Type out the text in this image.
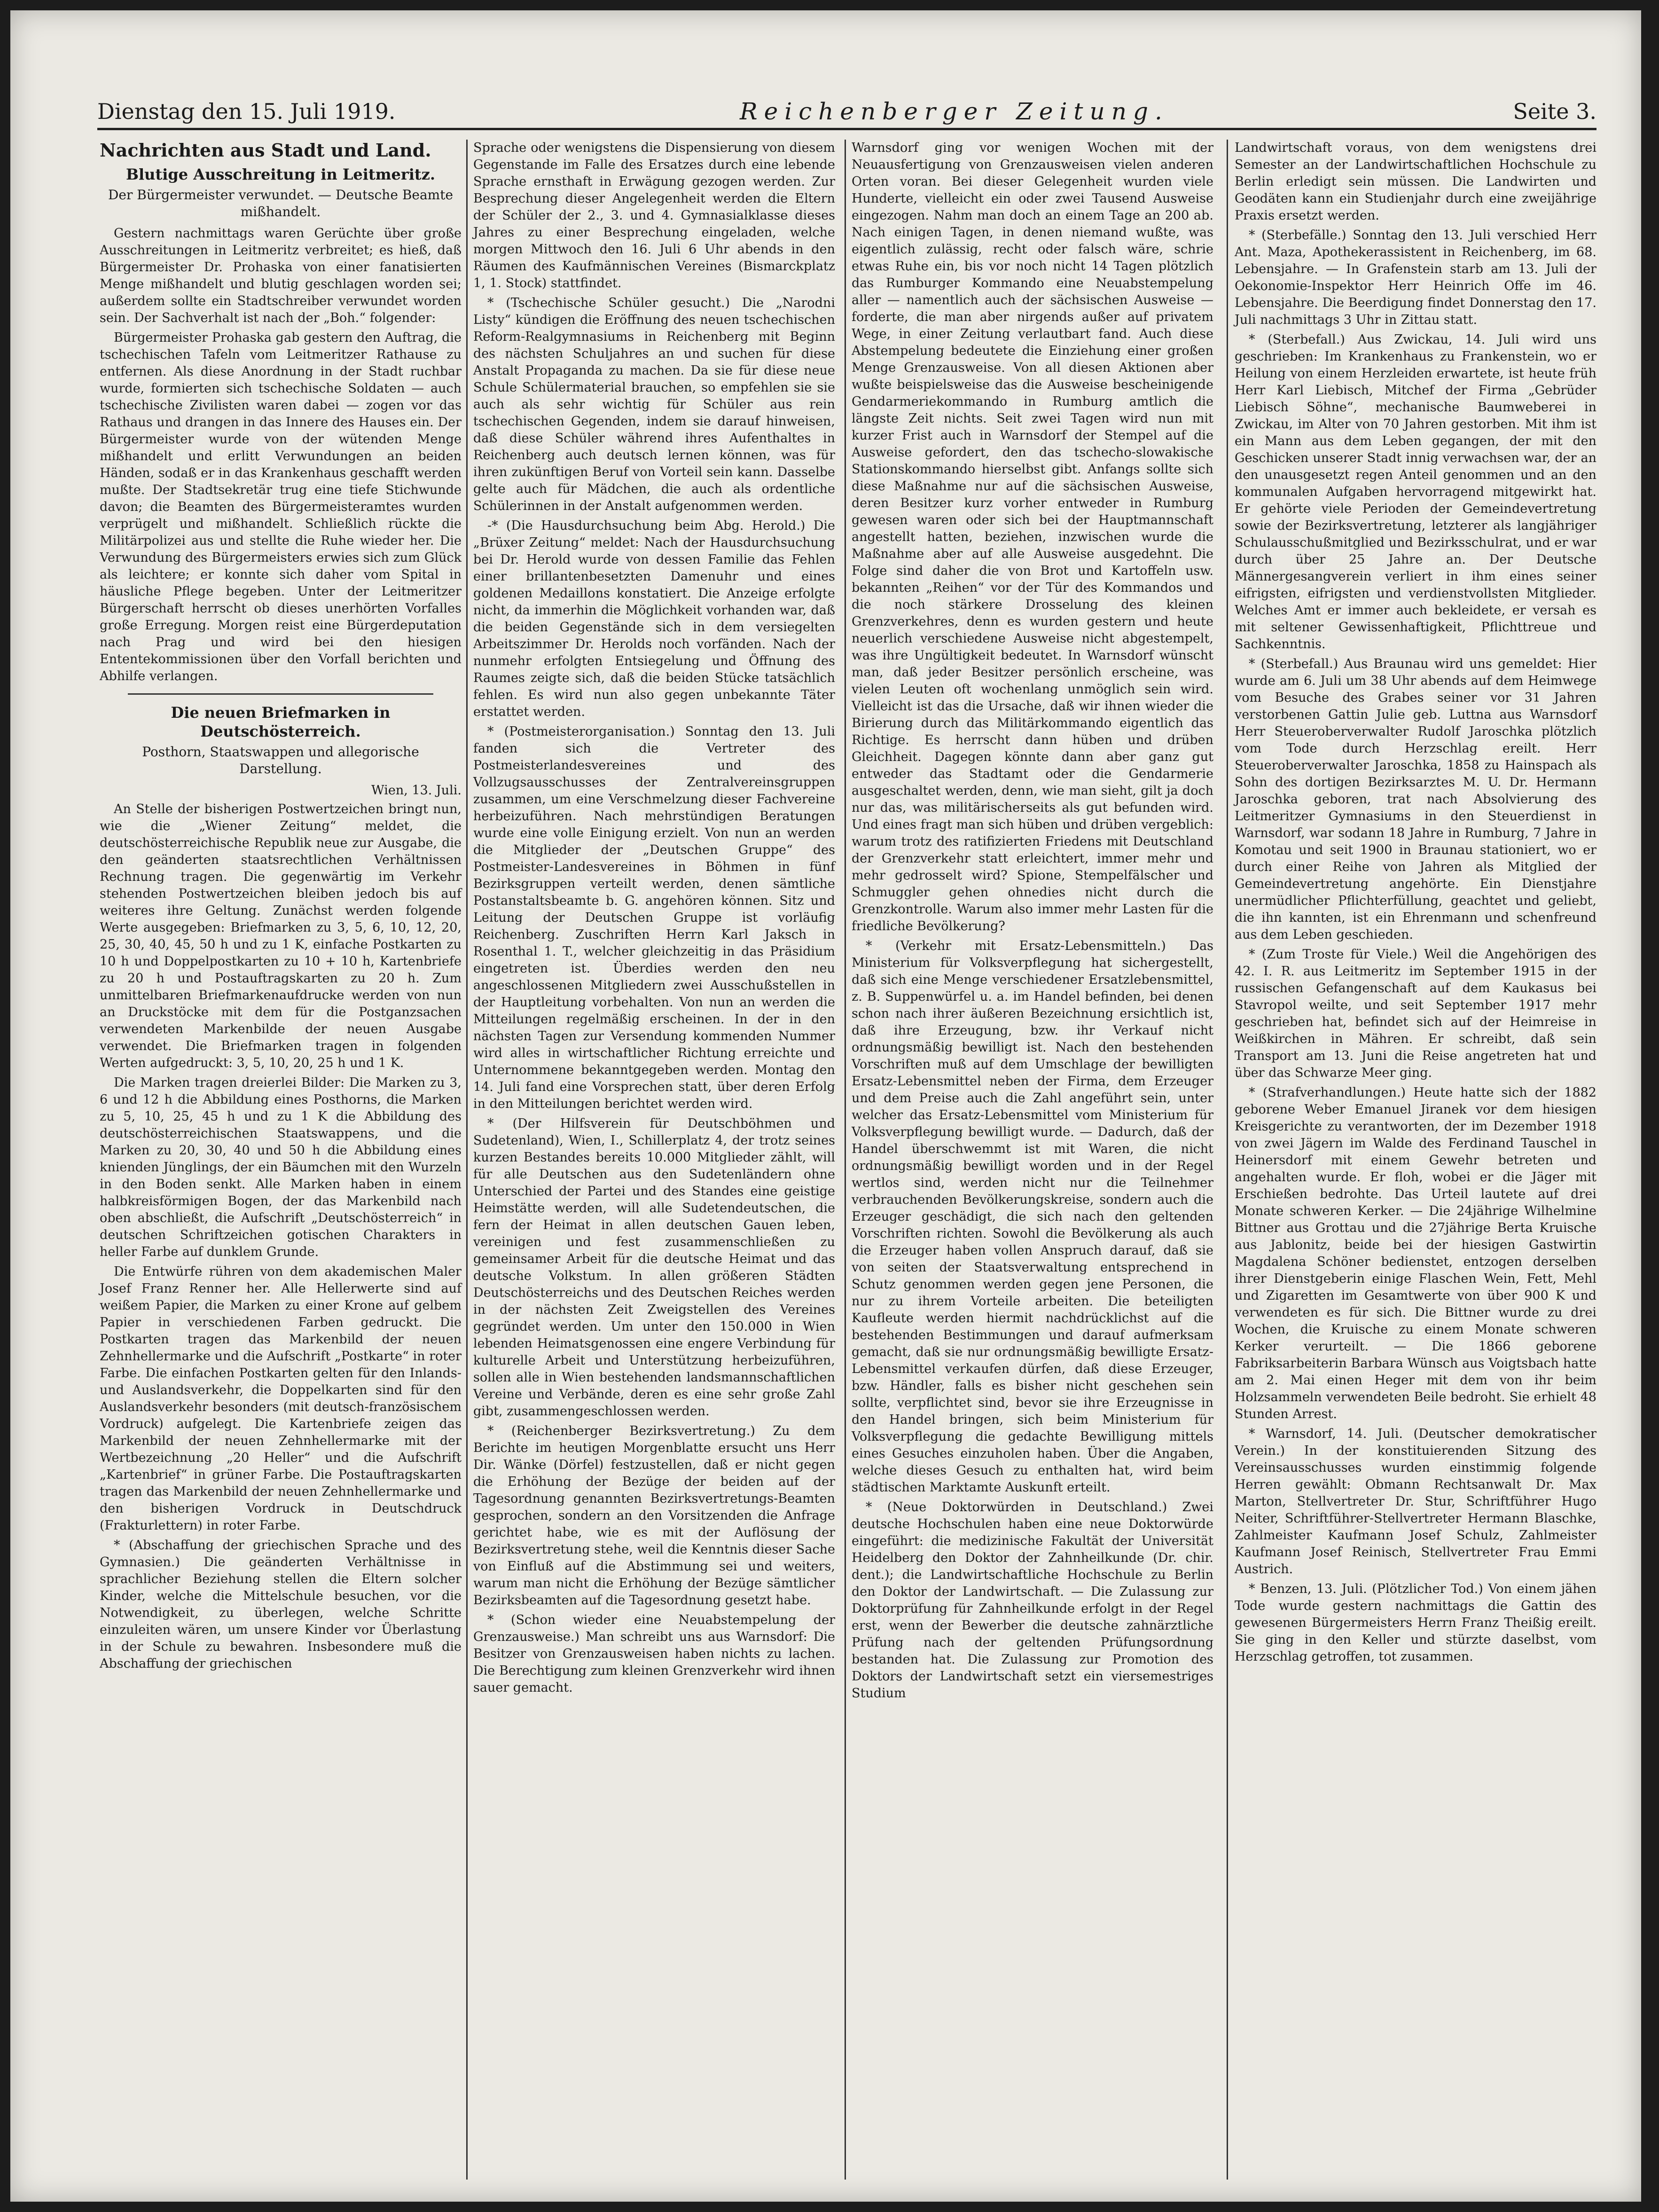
Dienstag den 15. Juli 1919.	Reichenberger Zeitung.	Seite 3.
Nachrichten aus Stadt und Land.
Blutige Ausschreitung in Leitmeritz.
Der Bürgermeister verwundet. — Deutsche Beamte mißhandelt.

Gestern nachmittags waren Gerüchte über große Ausschreitungen in Leitmeritz verbreitet; es hieß, daß Bürgermeister Dr. Prohaska von einer fanatisierten Menge mißhandelt und blutig geschlagen worden sei; außerdem sollte ein Stadtschreiber verwundet worden sein. Der Sachverhalt ist nach der „Boh.“ folgender:

Bürgermeister Prohaska gab gestern den Auftrag, die tschechischen Tafeln vom Leitmeritzer Rathause zu entfernen. Als diese Anordnung in der Stadt ruchbar wurde, formierten sich tschechische Soldaten — auch tschechische Zivilisten waren dabei — zogen vor das Rathaus und drangen in das Innere des Hauses ein. Der Bürgermeister wurde von der wütenden Menge mißhandelt und erlitt Verwundungen an beiden Händen, sodaß er in das Krankenhaus geschafft werden mußte. Der Stadtsekretär trug eine tiefe Stichwunde davon; die Beamten des Bürgermeisteramtes wurden verprügelt und mißhandelt. Schließlich rückte die Militärpolizei aus und stellte die Ruhe wieder her. Die Verwundung des Bürgermeisters erwies sich zum Glück als leichtere; er konnte sich daher vom Spital in häusliche Pflege begeben. Unter der Leitmeritzer Bürgerschaft herrscht ob dieses unerhörten Vorfalles große Erregung. Morgen reist eine Bürgerdeputation nach Prag und wird bei den hiesigen Ententekommissionen über den Vorfall berichten und Abhilfe verlangen.

Die neuen Briefmarken in Deutschösterreich.
Posthorn, Staatswappen und allegorische Darstellung.
Wien, 13. Juli.

An Stelle der bisherigen Postwertzeichen bringt nun, wie die „Wiener Zeitung“ meldet, die deutschösterreichische Republik neue zur Ausgabe, die den geänderten staatsrechtlichen Verhältnissen Rechnung tragen. Die gegenwärtig im Verkehr stehenden Postwertzeichen bleiben jedoch bis auf weiteres ihre Geltung. Zunächst werden folgende Werte ausgegeben: Briefmarken zu 3, 5, 6, 10, 12, 20, 25, 30, 40, 45, 50 h und zu 1 K, einfache Postkarten zu 10 h und Doppelpostkarten zu 10 + 10 h, Kartenbriefe zu 20 h und Postauftragskarten zu 20 h. Zum unmittelbaren Briefmarkenaufdrucke werden von nun an Druckstöcke mit dem für die Postganzsachen verwendeten Markenbilde der neuen Ausgabe verwendet. Die Briefmarken tragen in folgenden Werten aufgedruckt: 3, 5, 10, 20, 25 h und 1 K.

Die Marken tragen dreierlei Bilder: Die Marken zu 3, 6 und 12 h die Abbildung eines Posthorns, die Marken zu 5, 10, 25, 45 h und zu 1 K die Abbildung des deutschösterreichischen Staatswappens, und die Marken zu 20, 30, 40 und 50 h die Abbildung eines knienden Jünglings, der ein Bäumchen mit den Wurzeln in den Boden senkt. Alle Marken haben in einem halbkreisförmigen Bogen, der das Markenbild nach oben abschließt, die Aufschrift „Deutschösterreich“ in deutschen Schriftzeichen gotischen Charakters in heller Farbe auf dunklem Grunde.

Die Entwürfe rühren von dem akademischen Maler Josef Franz Renner her. Alle Hellerwerte sind auf weißem Papier, die Marken zu einer Krone auf gelbem Papier in verschiedenen Farben gedruckt. Die Postkarten tragen das Markenbild der neuen Zehnhellermarke und die Aufschrift „Postkarte“ in roter Farbe. Die einfachen Postkarten gelten für den Inlands- und Auslandsverkehr, die Doppelkarten sind für den Auslandsverkehr besonders (mit deutsch-französischem Vordruck) aufgelegt. Die Kartenbriefe zeigen das Markenbild der neuen Zehnhellermarke mit der Wertbezeichnung „20 Heller“ und die Aufschrift „Kartenbrief“ in grüner Farbe. Die Postauftragskarten tragen das Markenbild der neuen Zehnhellermarke und den bisherigen Vordruck in Deutschdruck (Frakturlettern) in roter Farbe.

* (Abschaffung der griechischen Sprache und des Gymnasien.) Die geänderten Verhältnisse in sprachlicher Beziehung stellen die Eltern solcher Kinder, welche die Mittelschule besuchen, vor die Notwendigkeit, zu überlegen, welche Schritte einzuleiten wären, um unsere Kinder vor Überlastung in der Schule zu bewahren. Insbesondere muß die Abschaffung der griechischen

Sprache oder wenigstens die Dispensierung von diesem Gegenstande im Falle des Ersatzes durch eine lebende Sprache ernsthaft in Erwägung gezogen werden. Zur Besprechung dieser Angelegenheit werden die Eltern der Schüler der 2., 3. und 4. Gymnasialklasse dieses Jahres zu einer Besprechung eingeladen, welche morgen Mittwoch den 16. Juli 6 Uhr abends in den Räumen des Kaufmännischen Vereines (Bismarckplatz 1, 1. Stock) stattfindet.

* (Tschechische Schüler gesucht.) Die „Narodni Listy“ kündigen die Eröffnung des neuen tschechischen Reform-Realgymnasiums in Reichenberg mit Beginn des nächsten Schuljahres an und suchen für diese Anstalt Propaganda zu machen. Da sie für diese neue Schule Schülermaterial brauchen, so empfehlen sie sie auch als sehr wichtig für Schüler aus rein tschechischen Gegenden, indem sie darauf hinweisen, daß diese Schüler während ihres Aufenthaltes in Reichenberg auch deutsch lernen können, was für ihren zukünftigen Beruf von Vorteil sein kann. Dasselbe gelte auch für Mädchen, die auch als ordentliche Schülerinnen in der Anstalt aufgenommen werden.

-* (Die Hausdurchsuchung beim Abg. Herold.) Die „Brüxer Zeitung“ meldet: Nach der Hausdurchsuchung bei Dr. Herold wurde von dessen Familie das Fehlen einer brillantenbesetzten Damenuhr und eines goldenen Medaillons konstatiert. Die Anzeige erfolgte nicht, da immerhin die Möglichkeit vorhanden war, daß die beiden Gegenstände sich in dem versiegelten Arbeitszimmer Dr. Herolds noch vorfänden. Nach der nunmehr erfolgten Entsiegelung und Öffnung des Raumes zeigte sich, daß die beiden Stücke tatsächlich fehlen. Es wird nun also gegen unbekannte Täter erstattet werden.

* (Postmeisterorganisation.) Sonntag den 13. Juli fanden sich die Vertreter des Postmeisterlandesvereines und des Vollzugsausschusses der Zentralvereinsgruppen zusammen, um eine Verschmelzung dieser Fachvereine herbeizuführen. Nach mehrstündigen Beratungen wurde eine volle Einigung erzielt. Von nun an werden die Mitglieder der „Deutschen Gruppe“ des Postmeister-Landesvereines in Böhmen in fünf Bezirksgruppen verteilt werden, denen sämtliche Postanstaltsbeamte b. G. angehören können. Sitz und Leitung der Deutschen Gruppe ist vorläufig Reichenberg. Zuschriften Herrn Karl Jaksch in Rosenthal 1. T., welcher gleichzeitig in das Präsidium eingetreten ist. Überdies werden den neu angeschlossenen Mitgliedern zwei Ausschußstellen in der Hauptleitung vorbehalten. Von nun an werden die Mitteilungen regelmäßig erscheinen. In der in den nächsten Tagen zur Versendung kommenden Nummer wird alles in wirtschaftlicher Richtung erreichte und Unternommene bekanntgegeben werden. Montag den 14. Juli fand eine Vorsprechen statt, über deren Erfolg in den Mitteilungen berichtet werden wird.

* (Der Hilfsverein für Deutschböhmen und Sudetenland), Wien, I., Schillerplatz 4, der trotz seines kurzen Bestandes bereits 10.000 Mitglieder zählt, will für alle Deutschen aus den Sudetenländern ohne Unterschied der Partei und des Standes eine geistige Heimstätte werden, will alle Sudetendeutschen, die fern der Heimat in allen deutschen Gauen leben, vereinigen und fest zusammenschließen zu gemeinsamer Arbeit für die deutsche Heimat und das deutsche Volkstum. In allen größeren Städten Deutschösterreichs und des Deutschen Reiches werden in der nächsten Zeit Zweigstellen des Vereines gegründet werden. Um unter den 150.000 in Wien lebenden Heimatsgenossen eine engere Verbindung für kulturelle Arbeit und Unterstützung herbeizuführen, sollen alle in Wien bestehenden landsmannschaftlichen Vereine und Verbände, deren es eine sehr große Zahl gibt, zusammengeschlossen werden.

* (Reichenberger Bezirksvertretung.) Zu dem Berichte im heutigen Morgenblatte ersucht uns Herr Dir. Wänke (Dörfel) festzustellen, daß er nicht gegen die Erhöhung der Bezüge der beiden auf der Tagesordnung genannten Bezirksvertretungs-Beamten gesprochen, sondern an den Vorsitzenden die Anfrage gerichtet habe, wie es mit der Auflösung der Bezirksvertretung stehe, weil die Kenntnis dieser Sache von Einfluß auf die Abstimmung sei und weiters, warum man nicht die Erhöhung der Bezüge sämtlicher Bezirksbeamten auf die Tagesordnung gesetzt habe.

* (Schon wieder eine Neuabstempelung der Grenzausweise.) Man schreibt uns aus Warnsdorf: Die Besitzer von Grenzausweisen haben nichts zu lachen. Die Berechtigung zum kleinen Grenzverkehr wird ihnen sauer gemacht.

Warnsdorf ging vor wenigen Wochen mit der Neuausfertigung von Grenzausweisen vielen anderen Orten voran. Bei dieser Gelegenheit wurden viele Hunderte, vielleicht ein oder zwei Tausend Ausweise eingezogen. Nahm man doch an einem Tage an 200 ab. Nach einigen Tagen, in denen niemand wußte, was eigentlich zulässig, recht oder falsch wäre, schrie etwas Ruhe ein, bis vor noch nicht 14 Tagen plötzlich das Rumburger Kommando eine Neuabstempelung aller — namentlich auch der sächsischen Ausweise — forderte, die man aber nirgends außer auf privatem Wege, in einer Zeitung verlautbart fand. Auch diese Abstempelung bedeutete die Einziehung einer großen Menge Grenzausweise. Von all diesen Aktionen aber wußte beispielsweise das die Ausweise bescheinigende Gendarmeriekommando in Rumburg amtlich die längste Zeit nichts. Seit zwei Tagen wird nun mit kurzer Frist auch in Warnsdorf der Stempel auf die Ausweise gefordert, den das tschecho-slowakische Stationskommando hierselbst gibt. Anfangs sollte sich diese Maßnahme nur auf die sächsischen Ausweise, deren Besitzer kurz vorher entweder in Rumburg gewesen waren oder sich bei der Hauptmannschaft angestellt hatten, beziehen, inzwischen wurde die Maßnahme aber auf alle Ausweise ausgedehnt. Die Folge sind daher die von Brot und Kartoffeln usw. bekannten „Reihen“ vor der Tür des Kommandos und die noch stärkere Drosselung des kleinen Grenzverkehres, denn es wurden gestern und heute neuerlich verschiedene Ausweise nicht abgestempelt, was ihre Ungültigkeit bedeutet. In Warnsdorf wünscht man, daß jeder Besitzer persönlich erscheine, was vielen Leuten oft wochenlang unmöglich sein wird. Vielleicht ist das die Ursache, daß wir ihnen wieder die Birierung durch das Militärkommando eigentlich das Richtige. Es herrscht dann hüben und drüben Gleichheit. Dagegen könnte dann aber ganz gut entweder das Stadtamt oder die Gendarmerie ausgeschaltet werden, denn, wie man sieht, gilt ja doch nur das, was militärischerseits als gut befunden wird. Und eines fragt man sich hüben und drüben vergeblich: warum trotz des ratifizierten Friedens mit Deutschland der Grenzverkehr statt erleichtert, immer mehr und mehr gedrosselt wird? Spione, Stempelfälscher und Schmuggler gehen ohnedies nicht durch die Grenzkontrolle. Warum also immer mehr Lasten für die friedliche Bevölkerung?

* (Verkehr mit Ersatz-Lebensmitteln.) Das Ministerium für Volksverpflegung hat sichergestellt, daß sich eine Menge verschiedener Ersatzlebensmittel, z. B. Suppenwürfel u. a. im Handel befinden, bei denen schon nach ihrer äußeren Bezeichnung ersichtlich ist, daß ihre Erzeugung, bzw. ihr Verkauf nicht ordnungsmäßig bewilligt ist. Nach den bestehenden Vorschriften muß auf dem Umschlage der bewilligten Ersatz-Lebensmittel neben der Firma, dem Erzeuger und dem Preise auch die Zahl angeführt sein, unter welcher das Ersatz-Lebensmittel vom Ministerium für Volksverpflegung bewilligt wurde. — Dadurch, daß der Handel überschwemmt ist mit Waren, die nicht ordnungsmäßig bewilligt worden und in der Regel wertlos sind, werden nicht nur die Teilnehmer verbrauchenden Bevölkerungskreise, sondern auch die Erzeuger geschädigt, die sich nach den geltenden Vorschriften richten. Sowohl die Bevölkerung als auch die Erzeuger haben vollen Anspruch darauf, daß sie von seiten der Staatsverwaltung entsprechend in Schutz genommen werden gegen jene Personen, die nur zu ihrem Vorteile arbeiten. Die beteiligten Kaufleute werden hiermit nachdrücklichst auf die bestehenden Bestimmungen und darauf aufmerksam gemacht, daß sie nur ordnungsmäßig bewilligte Ersatz-Lebensmittel verkaufen dürfen, daß diese Erzeuger, bzw. Händler, falls es bisher nicht geschehen sein sollte, verpflichtet sind, bevor sie ihre Erzeugnisse in den Handel bringen, sich beim Ministerium für Volksverpflegung die gedachte Bewilligung mittels eines Gesuches einzuholen haben. Über die Angaben, welche dieses Gesuch zu enthalten hat, wird beim städtischen Marktamte Auskunft erteilt.

* (Neue Doktorwürden in Deutschland.) Zwei deutsche Hochschulen haben eine neue Doktorwürde eingeführt: die medizinische Fakultät der Universität Heidelberg den Doktor der Zahnheilkunde (Dr. chir. dent.); die Landwirtschaftliche Hochschule zu Berlin den Doktor der Landwirtschaft. — Die Zulassung zur Doktorprüfung für Zahnheilkunde erfolgt in der Regel erst, wenn der Bewerber die deutsche zahnärztliche Prüfung nach der geltenden Prüfungsordnung bestanden hat. Die Zulassung zur Promotion des Doktors der Landwirtschaft setzt ein viersemestriges Studium

Landwirtschaft voraus, von dem wenigstens drei Semester an der Landwirtschaftlichen Hochschule zu Berlin erledigt sein müssen. Die Landwirten und Geodäten kann ein Studienjahr durch eine zweijährige Praxis ersetzt werden.

* (Sterbefälle.) Sonntag den 13. Juli verschied Herr Ant. Maza, Apothekerassistent in Reichenberg, im 68. Lebensjahre. — In Grafenstein starb am 13. Juli der Oekonomie-Inspektor Herr Heinrich Offe im 46. Lebensjahre. Die Beerdigung findet Donnerstag den 17. Juli nachmittags 3 Uhr in Zittau statt.

* (Sterbefall.) Aus Zwickau, 14. Juli wird uns geschrieben: Im Krankenhaus zu Frankenstein, wo er Heilung von einem Herzleiden erwartete, ist heute früh Herr Karl Liebisch, Mitchef der Firma „Gebrüder Liebisch Söhne“, mechanische Baumweberei in Zwickau, im Alter von 70 Jahren gestorben. Mit ihm ist ein Mann aus dem Leben gegangen, der mit den Geschicken unserer Stadt innig verwachsen war, der an den unausgesetzt regen Anteil genommen und an den kommunalen Aufgaben hervorragend mitgewirkt hat. Er gehörte viele Perioden der Gemeindevertretung sowie der Bezirksvertretung, letzterer als langjähriger Schulausschußmitglied und Bezirksschulrat, und er war durch über 25 Jahre an. Der Deutsche Männergesangverein verliert in ihm eines seiner eifrigsten, eifrigsten und verdienstvollsten Mitglieder. Welches Amt er immer auch bekleidete, er versah es mit seltener Gewissenhaftigkeit, Pflichttreue und Sachkenntnis.

* (Sterbefall.) Aus Braunau wird uns gemeldet: Hier wurde am 6. Juli um 38 Uhr abends auf dem Heimwege vom Besuche des Grabes seiner vor 31 Jahren verstorbenen Gattin Julie geb. Luttna aus Warnsdorf Herr Steueroberverwalter Rudolf Jaroschka plötzlich vom Tode durch Herzschlag ereilt. Herr Steueroberverwalter Jaroschka, 1858 zu Hainspach als Sohn des dortigen Bezirksarztes M. U. Dr. Hermann Jaroschka geboren, trat nach Absolvierung des Leitmeritzer Gymnasiums in den Steuerdienst in Warnsdorf, war sodann 18 Jahre in Rumburg, 7 Jahre in Komotau und seit 1900 in Braunau stationiert, wo er durch einer Reihe von Jahren als Mitglied der Gemeindevertretung angehörte. Ein Dienstjahre unermüdlicher Pflichterfüllung, geachtet und geliebt, die ihn kannten, ist ein Ehrenmann und schenfreund aus dem Leben geschieden.

* (Zum Troste für Viele.) Weil die Angehörigen des 42. I. R. aus Leitmeritz im September 1915 in der russischen Gefangenschaft auf dem Kaukasus bei Stavropol weilte, und seit September 1917 mehr geschrieben hat, befindet sich auf der Heimreise in Weißkirchen in Mähren. Er schreibt, daß sein Transport am 13. Juni die Reise angetreten hat und über das Schwarze Meer ging.

* (Strafverhandlungen.) Heute hatte sich der 1882 geborene Weber Emanuel Jiranek vor dem hiesigen Kreisgerichte zu verantworten, der im Dezember 1918 von zwei Jägern im Walde des Ferdinand Tauschel in Heinersdorf mit einem Gewehr betreten und angehalten wurde. Er floh, wobei er die Jäger mit Erschießen bedrohte. Das Urteil lautete auf drei Monate schweren Kerker. — Die 24jährige Wilhelmine Bittner aus Grottau und die 27jährige Berta Kruische aus Jablonitz, beide bei der hiesigen Gastwirtin Magdalena Schöner bedienstet, entzogen derselben ihrer Dienstgeberin einige Flaschen Wein, Fett, Mehl und Zigaretten im Gesamtwerte von über 900 K und verwendeten es für sich. Die Bittner wurde zu drei Wochen, die Kruische zu einem Monate schweren Kerker verurteilt. — Die 1866 geborene Fabriksarbeiterin Barbara Wünsch aus Voigtsbach hatte am 2. Mai einen Heger mit dem von ihr beim Holzsammeln verwendeten Beile bedroht. Sie erhielt 48 Stunden Arrest.

* Warnsdorf, 14. Juli. (Deutscher demokratischer Verein.) In der konstituierenden Sitzung des Vereinsausschusses wurden einstimmig folgende Herren gewählt: Obmann Rechtsanwalt Dr. Max Marton, Stellvertreter Dr. Stur, Schriftführer Hugo Neiter, Schriftführer-Stellvertreter Hermann Blaschke, Zahlmeister Kaufmann Josef Schulz, Zahlmeister Kaufmann Josef Reinisch, Stellvertreter Frau Emmi Austrich.

* Benzen, 13. Juli. (Plötzlicher Tod.) Von einem jähen Tode wurde gestern nachmittags die Gattin des gewesenen Bürgermeisters Herrn Franz Theißig ereilt. Sie ging in den Keller und stürzte daselbst, vom Herzschlag getroffen, tot zusammen.
